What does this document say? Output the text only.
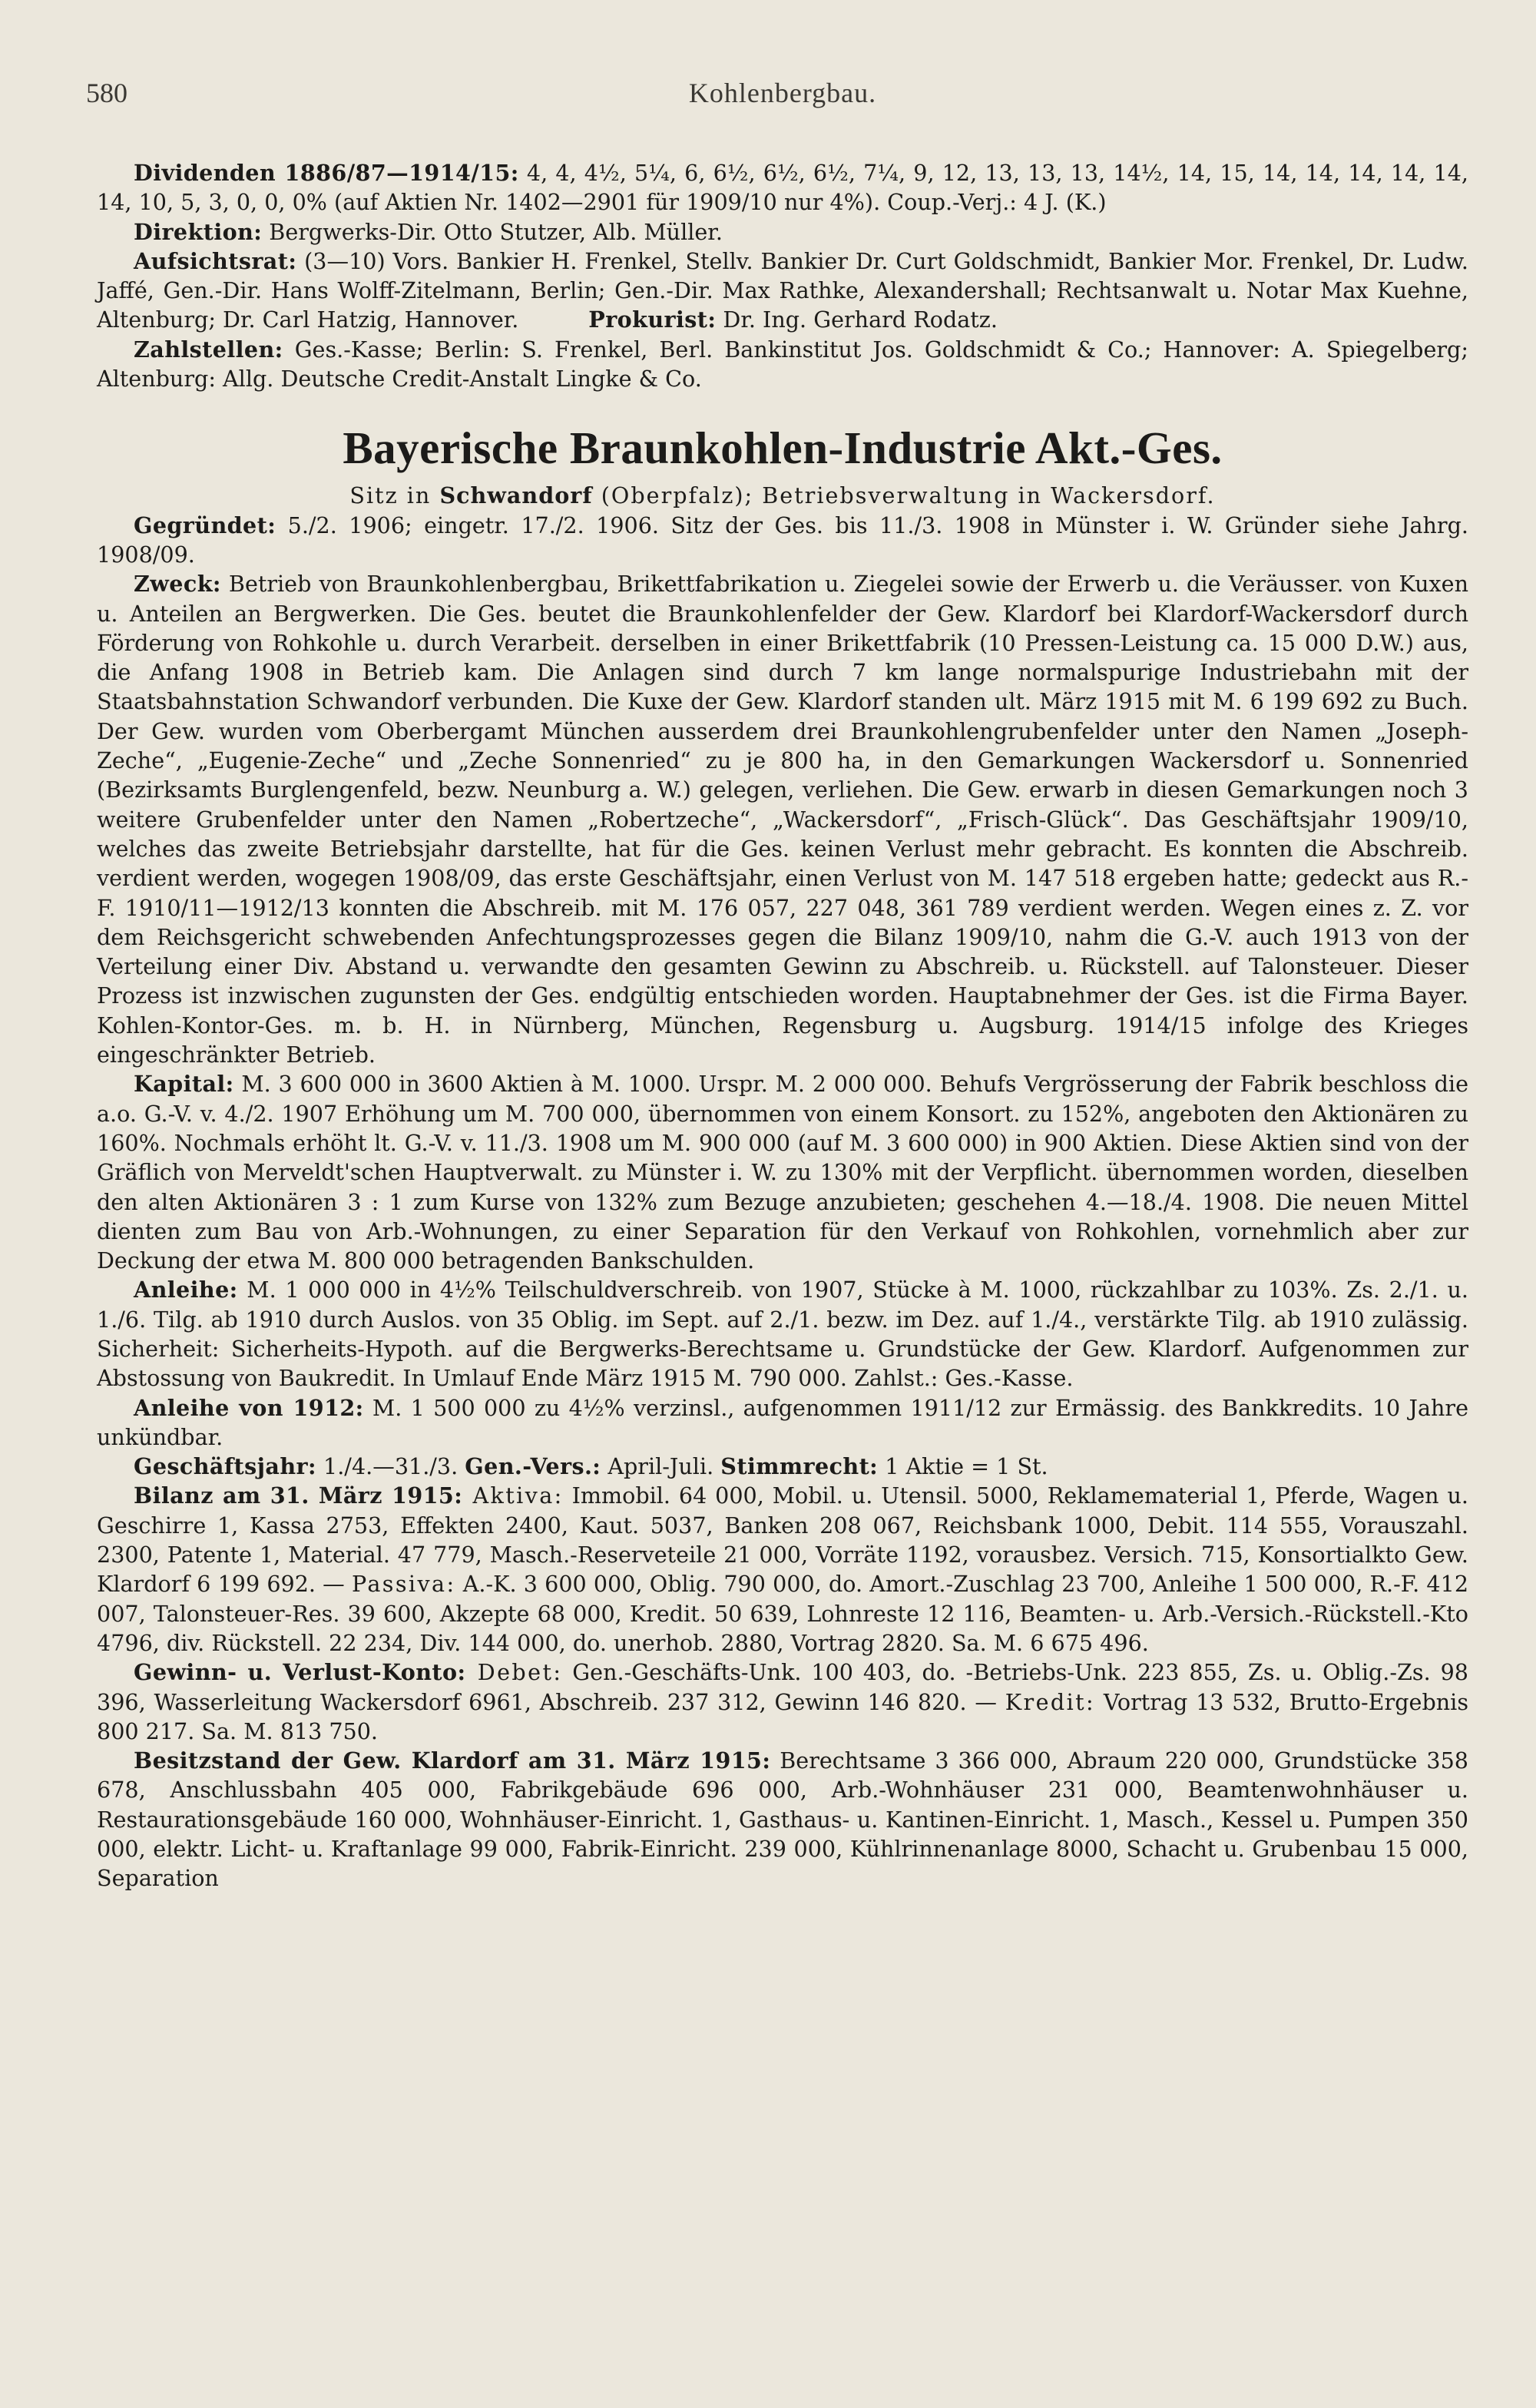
580	Kohlenbergbau.

Dividenden 1886/87—1914/15: 4, 4, 4½, 5¼, 6, 6½, 6½, 6½, 7¼, 9, 12, 13, 13, 13, 14½, 14, 15, 14, 14, 14, 14, 14, 14, 10, 5, 3, 0, 0, 0% (auf Aktien Nr. 1402—2901 für 1909/10 nur 4%). Coup.-Verj.: 4 J. (K.)

Direktion: Bergwerks-Dir. Otto Stutzer, Alb. Müller.

Aufsichtsrat: (3—10) Vors. Bankier H. Frenkel, Stellv. Bankier Dr. Curt Goldschmidt, Bankier Mor. Frenkel, Dr. Ludw. Jaffé, Gen.-Dir. Hans Wolff-Zitelmann, Berlin; Gen.-Dir. Max Rathke, Alexandershall; Rechtsanwalt u. Notar Max Kuehne, Altenburg; Dr. Carl Hatzig, Hannover.	Prokurist: Dr. Ing. Gerhard Rodatz.

Zahlstellen: Ges.-Kasse; Berlin: S. Frenkel, Berl. Bankinstitut Jos. Goldschmidt & Co.; Hannover: A. Spiegelberg; Altenburg: Allg. Deutsche Credit-Anstalt Lingke & Co.

Bayerische Braunkohlen-Industrie Akt.-Ges.

Sitz in Schwandorf (Oberpfalz); Betriebsverwaltung in Wackersdorf.

Gegründet: 5./2. 1906; eingetr. 17./2. 1906. Sitz der Ges. bis 11./3. 1908 in Münster i. W. Gründer siehe Jahrg. 1908/09.

Zweck: Betrieb von Braunkohlenbergbau, Brikettfabrikation u. Ziegelei sowie der Erwerb u. die Veräusser. von Kuxen u. Anteilen an Bergwerken. Die Ges. beutet die Braunkohlenfelder der Gew. Klardorf bei Klardorf-Wackersdorf durch Förderung von Rohkohle u. durch Verarbeit. derselben in einer Brikettfabrik (10 Pressen-Leistung ca. 15 000 D.W.) aus, die Anfang 1908 in Betrieb kam. Die Anlagen sind durch 7 km lange normalspurige Industriebahn mit der Staatsbahnstation Schwandorf verbunden. Die Kuxe der Gew. Klardorf standen ult. März 1915 mit M. 6 199 692 zu Buch. Der Gew. wurden vom Oberbergamt München ausserdem drei Braunkohlengrubenfelder unter den Namen „Joseph-Zeche“, „Eugenie-Zeche“ und „Zeche Sonnenried“ zu je 800 ha, in den Gemarkungen Wackersdorf u. Sonnenried (Bezirksamts Burglengenfeld, bezw. Neunburg a. W.) gelegen, verliehen. Die Gew. erwarb in diesen Gemarkungen noch 3 weitere Grubenfelder unter den Namen „Robertzeche“, „Wackersdorf“, „Frisch-Glück“. Das Geschäftsjahr 1909/10, welches das zweite Betriebsjahr darstellte, hat für die Ges. keinen Verlust mehr gebracht. Es konnten die Abschreib. verdient werden, wogegen 1908/09, das erste Geschäftsjahr, einen Verlust von M. 147 518 ergeben hatte; gedeckt aus R.-F. 1910/11—1912/13 konnten die Abschreib. mit M. 176 057, 227 048, 361 789 verdient werden. Wegen eines z. Z. vor dem Reichsgericht schwebenden Anfechtungsprozesses gegen die Bilanz 1909/10, nahm die G.-V. auch 1913 von der Verteilung einer Div. Abstand u. verwandte den gesamten Gewinn zu Abschreib. u. Rückstell. auf Talonsteuer. Dieser Prozess ist inzwischen zugunsten der Ges. endgültig entschieden worden. Hauptabnehmer der Ges. ist die Firma Bayer. Kohlen-Kontor-Ges. m. b. H. in Nürnberg, München, Regensburg u. Augsburg. 1914/15 infolge des Krieges eingeschränkter Betrieb.

Kapital: M. 3 600 000 in 3600 Aktien à M. 1000. Urspr. M. 2 000 000. Behufs Vergrösserung der Fabrik beschloss die a.o. G.-V. v. 4./2. 1907 Erhöhung um M. 700 000, übernommen von einem Konsort. zu 152%, angeboten den Aktionären zu 160%. Nochmals erhöht lt. G.-V. v. 11./3. 1908 um M. 900 000 (auf M. 3 600 000) in 900 Aktien. Diese Aktien sind von der Gräflich von Merveldt'schen Hauptverwalt. zu Münster i. W. zu 130% mit der Verpflicht. übernommen worden, dieselben den alten Aktionären 3 : 1 zum Kurse von 132% zum Bezuge anzubieten; geschehen 4.—18./4. 1908. Die neuen Mittel dienten zum Bau von Arb.-Wohnungen, zu einer Separation für den Verkauf von Rohkohlen, vornehmlich aber zur Deckung der etwa M. 800 000 betragenden Bankschulden.

Anleihe: M. 1 000 000 in 4½% Teilschuldverschreib. von 1907, Stücke à M. 1000, rückzahlbar zu 103%. Zs. 2./1. u. 1./6. Tilg. ab 1910 durch Auslos. von 35 Oblig. im Sept. auf 2./1. bezw. im Dez. auf 1./4., verstärkte Tilg. ab 1910 zulässig. Sicherheit: Sicherheits-Hypoth. auf die Bergwerks-Berechtsame u. Grundstücke der Gew. Klardorf. Aufgenommen zur Abstossung von Baukredit. In Umlauf Ende März 1915 M. 790 000. Zahlst.: Ges.-Kasse.

Anleihe von 1912: M. 1 500 000 zu 4½% verzinsl., aufgenommen 1911/12 zur Ermässig. des Bankkredits. 10 Jahre unkündbar.

Geschäftsjahr: 1./4.—31./3. Gen.-Vers.: April-Juli. Stimmrecht: 1 Aktie = 1 St.

Bilanz am 31. März 1915: Aktiva: Immobil. 64 000, Mobil. u. Utensil. 5000, Reklamematerial 1, Pferde, Wagen u. Geschirre 1, Kassa 2753, Effekten 2400, Kaut. 5037, Banken 208 067, Reichsbank 1000, Debit. 114 555, Vorauszahl. 2300, Patente 1, Material. 47 779, Masch.-Reserveteile 21 000, Vorräte 1192, vorausbez. Versich. 715, Konsortialkto Gew. Klardorf 6 199 692. — Passiva: A.-K. 3 600 000, Oblig. 790 000, do. Amort.-Zuschlag 23 700, Anleihe 1 500 000, R.-F. 412 007, Talonsteuer-Res. 39 600, Akzepte 68 000, Kredit. 50 639, Lohnreste 12 116, Beamten- u. Arb.-Versich.-Rückstell.-Kto 4796, div. Rückstell. 22 234, Div. 144 000, do. unerhob. 2880, Vortrag 2820. Sa. M. 6 675 496.

Gewinn- u. Verlust-Konto: Debet: Gen.-Geschäfts-Unk. 100 403, do. -Betriebs-Unk. 223 855, Zs. u. Oblig.-Zs. 98 396, Wasserleitung Wackersdorf 6961, Abschreib. 237 312, Gewinn 146 820. — Kredit: Vortrag 13 532, Brutto-Ergebnis 800 217. Sa. M. 813 750.

Besitzstand der Gew. Klardorf am 31. März 1915: Berechtsame 3 366 000, Abraum 220 000, Grundstücke 358 678, Anschlussbahn 405 000, Fabrikgebäude 696 000, Arb.-Wohnhäuser 231 000, Beamtenwohnhäuser u. Restaurationsgebäude 160 000, Wohnhäuser-Einricht. 1, Gasthaus- u. Kantinen-Einricht. 1, Masch., Kessel u. Pumpen 350 000, elektr. Licht- u. Kraftanlage 99 000, Fabrik-Einricht. 239 000, Kühlrinnenanlage 8000, Schacht u. Grubenbau 15 000, Separation
